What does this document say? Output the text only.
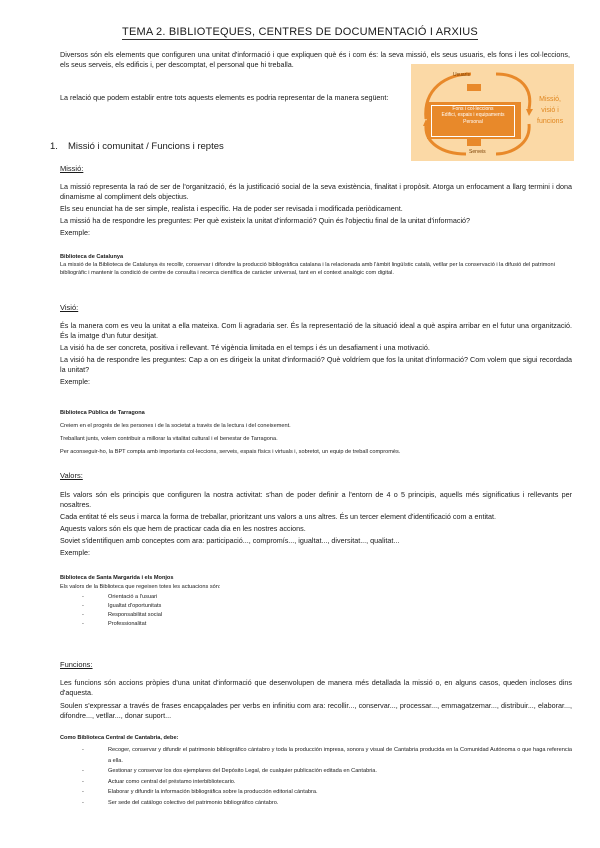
TEMA 2. BIBLIOTEQUES, CENTRES DE DOCUMENTACIÓ I ARXIUS
Diversos són els elements que configuren una unitat d'informació i que expliquen què és i com és: la seva missió, els seus usuaris, els fons i les col·leccions, els seus serveis, els edificis i, per descomptat, el personal que hi treballa.
La relació que podem establir entre tots aquests elements es podria representar de la manera següent:
Usuaris
Fons i col·leccions
Edifici, espais i equipaments
Personal
Serveis
Missió,
visió i
funcions
1. Missió i comunitat / Funcions i reptes
Missió:
La missió representa la raó de ser de l'organització, és la justificació social de la seva existència, finalitat i propòsit. Atorga un enfocament a llarg termini i dona dinamisme al compliment dels objectius.
Els seu enunciat ha de ser simple, realista i específic. Ha de poder ser revisada i modificada periòdicament.
La missió ha de respondre les preguntes: Per què existeix la unitat d'informació? Quin és l'objectiu final de la unitat d'informació?
Exemple:
Biblioteca de Catalunya
La missió de la Biblioteca de Catalunya és recollir, conservar i difondre la producció bibliogràfica catalana i la relacionada amb l'àmbit lingüístic català, vetllar per la conservació i la difusió del patrimoni bibliogràfic i mantenir la condició de centre de consulta i recerca científica de caràcter universal, tant en el context analògic com digital.
Visió:
És la manera com es veu la unitat a ella mateixa. Com li agradaria ser. És la representació de la situació ideal a què aspira arribar en el futur una organització. És la imatge d'un futur desitjat.
La visió ha de ser concreta, positiva i rellevant. Té vigència limitada en el temps i és un desafiament i una motivació.
La visió ha de respondre les preguntes: Cap a on es dirigeix la unitat d'informació? Què voldríem que fos la unitat d'informació? Com volem que sigui recordada la unitat?
Exemple:
Biblioteca Pública de Tarragona
Creiem en el progrés de les persones i de la societat a través de la lectura i del coneixement.
Treballant junts, volem contribuir a millorar la vitalitat cultural i el benestar de Tarragona.
Per aconseguir-ho, la BPT compta amb importants col·leccions, serveis, espais físics i virtuals i, sobretot, un equip de treball compromès.
Valors:
Els valors són els principis que configuren la nostra activitat: s'han de poder definir a l'entorn de 4 o 5 principis, aquells més significatius i rellevants per nosaltres.
Cada entitat té els seus i marca la forma de treballar, prioritzant uns valors a uns altres. És un tercer element d'identificació com a entitat.
Aquests valors són els que hem de practicar cada dia en les nostres accions.
Soviet s'identifiquen amb conceptes com ara: participació..., compromís..., igualtat..., diversitat..., qualitat...
Exemple:
Biblioteca de Santa Margarida i els Monjos
Els valors de la Biblioteca que regeixen totes les actuacions són:
- Orientació a l'usuari
- Igualtat d'oportunitats
- Responsabilitat social
- Professionalitat
Funcions:
Les funcions són accions pròpies d'una unitat d'informació que desenvolupen de manera més detallada la missió o, en alguns casos, queden incloses dins d'aquesta.
Soulen s'expressar a través de frases encapçalades per verbs en infinitiu com ara: recollir..., conservar..., processar..., emmagatzemar..., distribuir..., elaborar..., difondre..., vetllar..., donar suport...
Como Biblioteca Central de Cantabria, debe:
- Recoger, conservar y difundir el patrimonio bibliográfico cántabro y toda la producción impresa, sonora y visual de Cantabria producida en la Comunidad Autónoma o que haga referencia a ella.
- Gestionar y conservar los dos ejemplares del Depósito Legal, de cualquier publicación editada en Cantabria.
- Actuar como central del préstamo interbibliotecario.
- Elaborar y difundir la información bibliográfica sobre la producción editorial cántabra.
- Ser sede del catálogo colectivo del patrimonio bibliográfico cántabro.
